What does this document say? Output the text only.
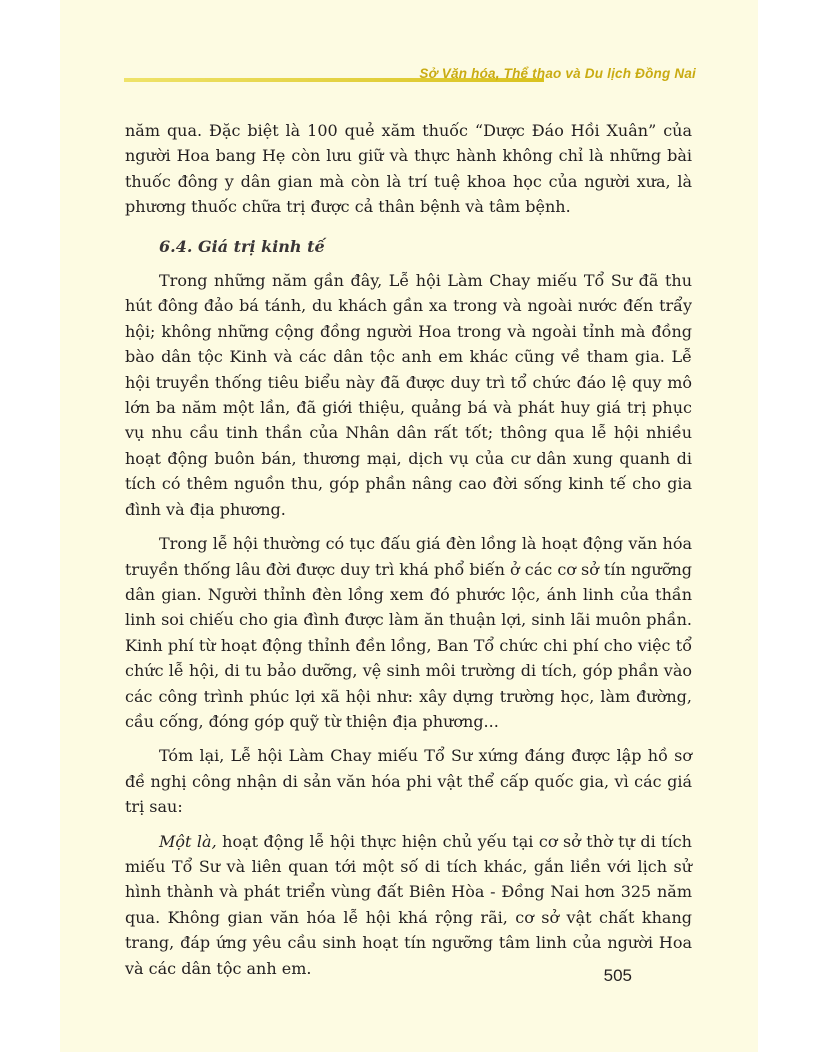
Sở Văn hóa, Thể thao và Du lịch Đồng Nai

năm qua. Đặc biệt là 100 quẻ xăm thuốc “Dược Đáo Hồi Xuân” của người Hoa bang Hẹ còn lưu giữ và thực hành không chỉ là những bài thuốc đông y dân gian mà còn là trí tuệ khoa học của người xưa, là phương thuốc chữa trị được cả thân bệnh và tâm bệnh.

6.4. Giá trị kinh tế

Trong những năm gần đây, Lễ hội Làm Chay miếu Tổ Sư đã thu hút đông đảo bá tánh, du khách gần xa trong và ngoài nước đến trẩy hội; không những cộng đồng người Hoa trong và ngoài tỉnh mà đồng bào dân tộc Kinh và các dân tộc anh em khác cũng về tham gia. Lễ hội truyền thống tiêu biểu này đã được duy trì tổ chức đáo lệ quy mô lớn ba năm một lần, đã giới thiệu, quảng bá và phát huy giá trị phục vụ nhu cầu tinh thần của Nhân dân rất tốt; thông qua lễ hội nhiều hoạt động buôn bán, thương mại, dịch vụ của cư dân xung quanh di tích có thêm nguồn thu, góp phần nâng cao đời sống kinh tế cho gia đình và địa phương.

Trong lễ hội thường có tục đấu giá đèn lồng là hoạt động văn hóa truyền thống lâu đời được duy trì khá phổ biến ở các cơ sở tín ngưỡng dân gian. Người thỉnh đèn lồng xem đó phước lộc, ánh linh của thần linh soi chiếu cho gia đình được làm ăn thuận lợi, sinh lãi muôn phần. Kinh phí từ hoạt động thỉnh đền lồng, Ban Tổ chức chi phí cho việc tổ chức lễ hội, di tu bảo dưỡng, vệ sinh môi trường di tích, góp phần vào các công trình phúc lợi xã hội như: xây dựng trường học, làm đường, cầu cống, đóng góp quỹ từ thiện địa phương...

Tóm lại, Lễ hội Làm Chay miếu Tổ Sư xứng đáng được lập hồ sơ đề nghị công nhận di sản văn hóa phi vật thể cấp quốc gia, vì các giá trị sau:

Một là, hoạt động lễ hội thực hiện chủ yếu tại cơ sở thờ tự di tích miếu Tổ Sư và liên quan tới một số di tích khác, gắn liền với lịch sử hình thành và phát triển vùng đất Biên Hòa - Đồng Nai hơn 325 năm qua. Không gian văn hóa lễ hội khá rộng rãi, cơ sở vật chất khang trang, đáp ứng yêu cầu sinh hoạt tín ngưỡng tâm linh của người Hoa và các dân tộc anh em.	505
